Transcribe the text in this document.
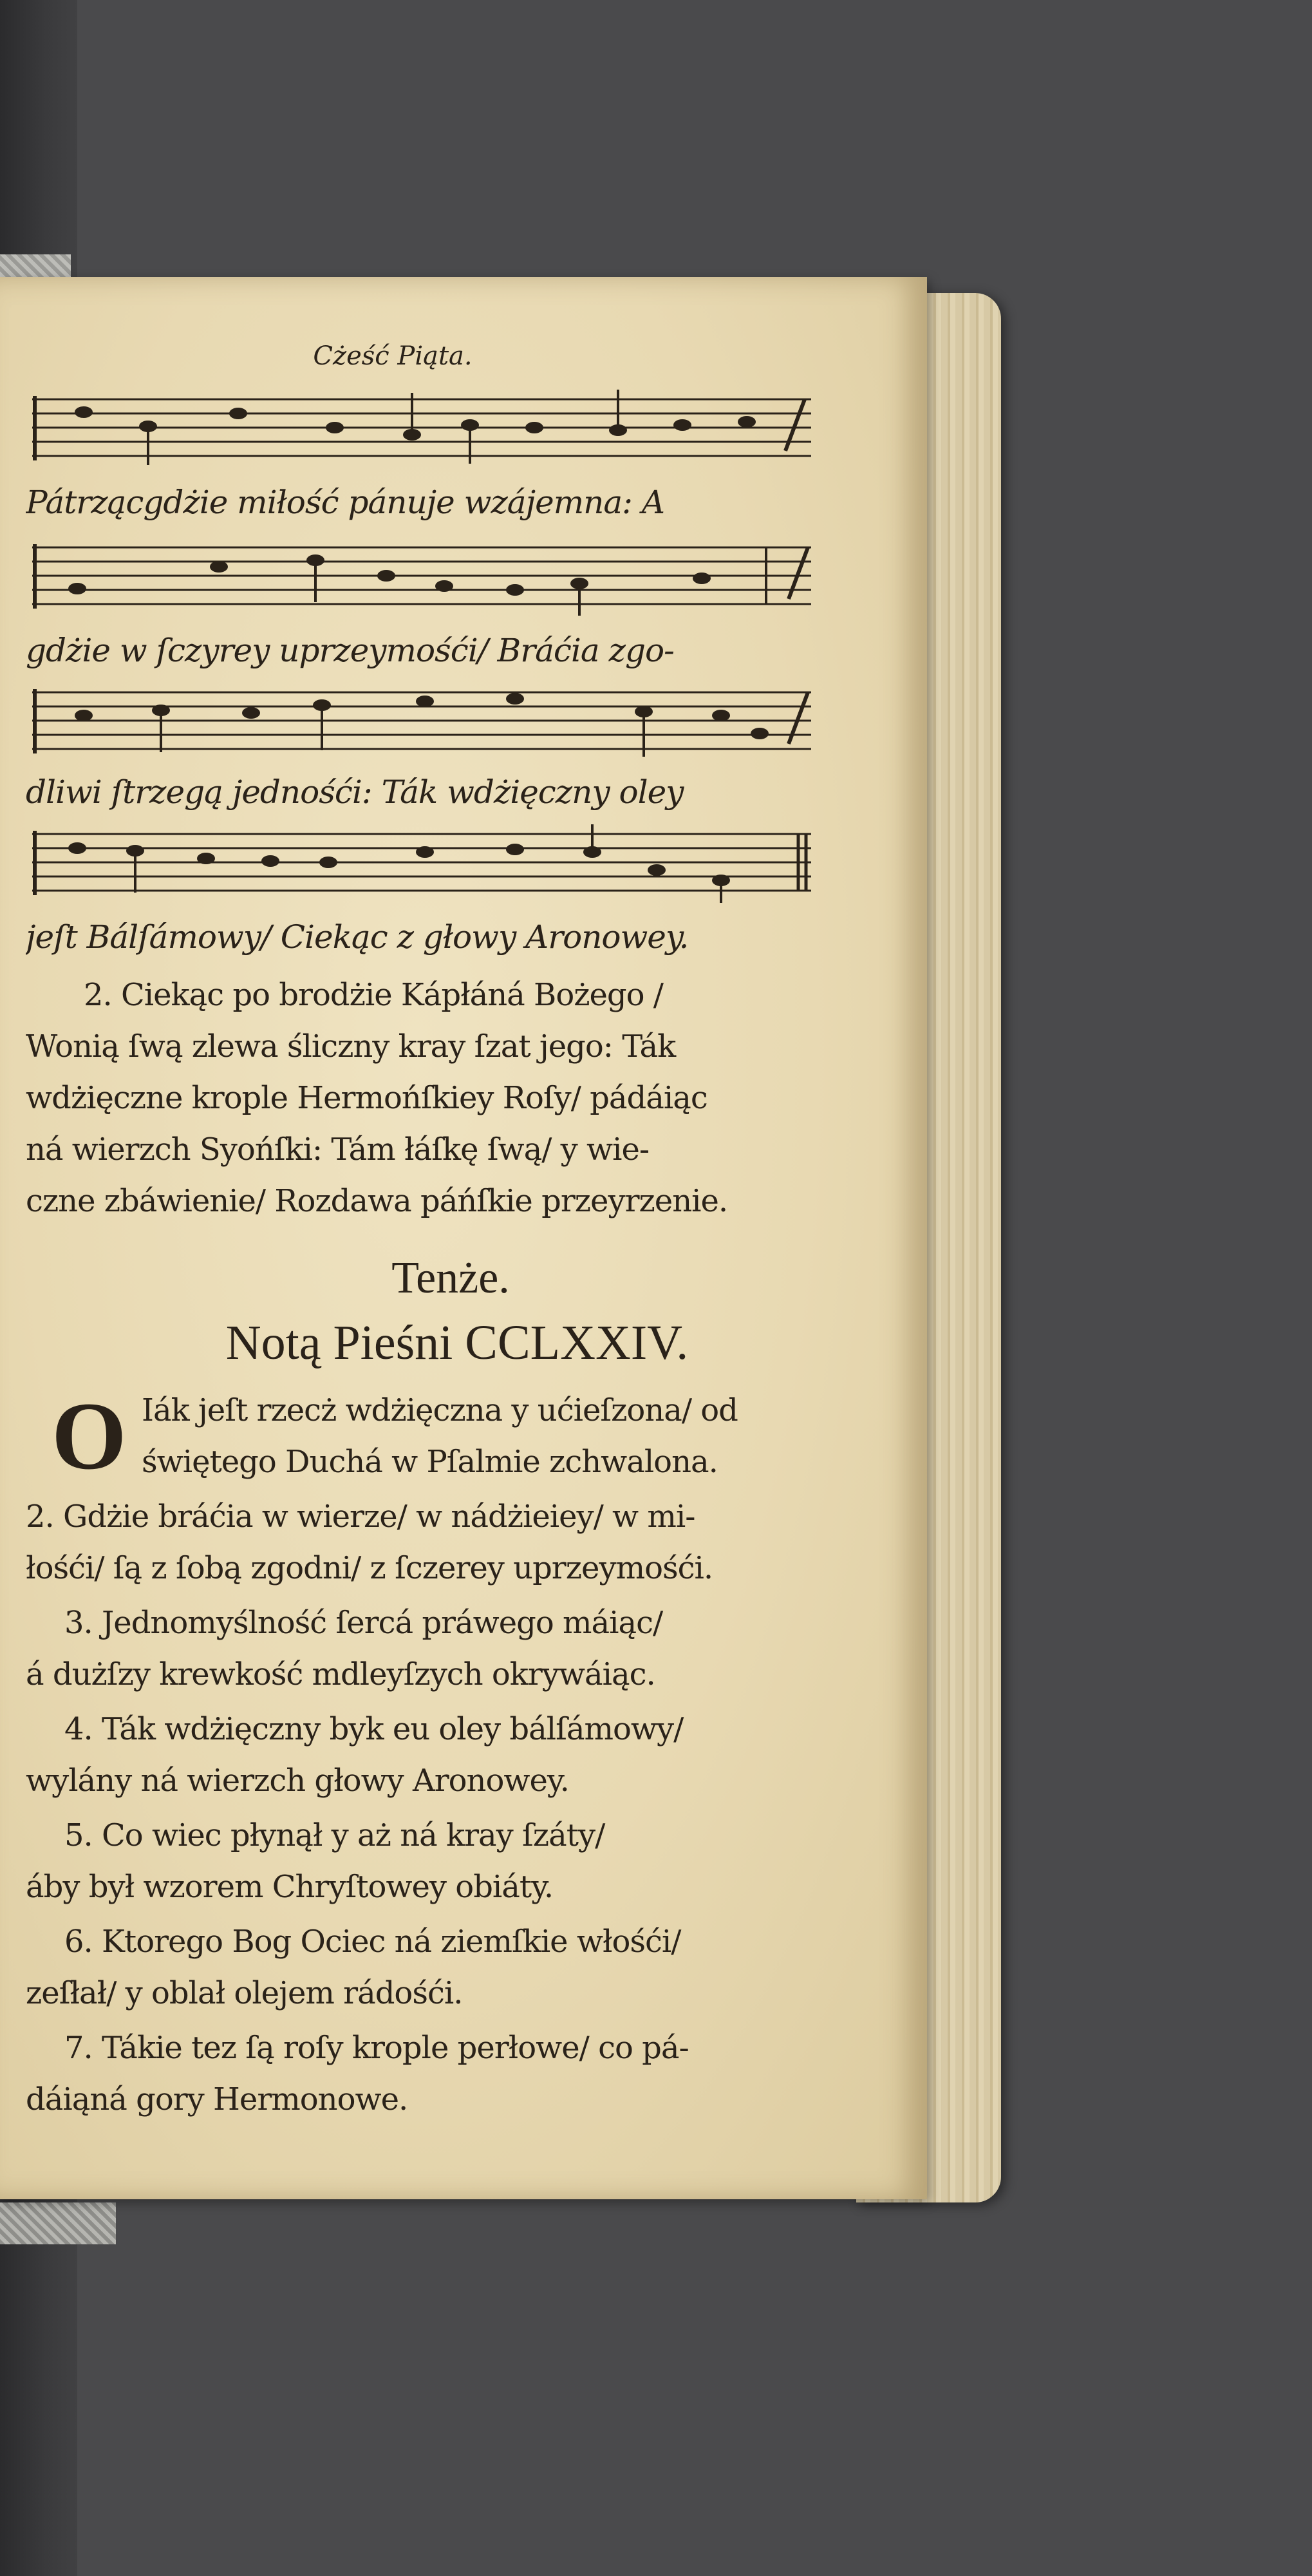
Cżeść Piąta.
Pátrzącgdżie miłość pánuje wzájemna: A
gdżie w ſczyrey uprzeymośći/ Bráćia zgo-
dliwi ſtrzegą jednośći: Ták wdżięczny oley
jeſt Bálſámowy/ Ciekąc z głowy Aronowey.
2. Ciekąc po brodżie Kápłáná Bożego /
Wonią ſwą zlewa śliczny kray ſzat jego: Ták
wdżięczne krople Hermońſkiey Roſy/ pádáiąc
ná wierzch Syońſki: Tám łáſkę ſwą/ y wie-
czne zbáwienie/ Rozdawa páńſkie przeyrzenie.
Tenże.
Notą Pieśni CCLXXIV.
O Iák jeſt rzecż wdżięczna y ućieſzona/ od
świętego Duchá w Pſalmie zchwalona.
2. Gdżie bráćia w wierze/ w nádżieiey/ w mi-
łośći/ ſą z ſobą zgodni/ z ſczerey uprzeymośći.
3. Jednomyślność ſercá práwego máiąc/
á dużſzy krewkość mdleyſzych okrywáiąc.
4. Ták wdżięczny byk eu oley bálſámowy/
wylány ná wierzch głowy Aronowey.
5. Co wiec płynął y aż ná kray ſzáty/
áby był wzorem Chryſtowey obiáty.
6. Ktorego Bog Ociec ná ziemſkie włośći/
zeſłał/ y oblał olejem rádośći.
7. Tákie tez ſą roſy krople perłowe/ co pá-
dáiąná gory Hermonowe.
